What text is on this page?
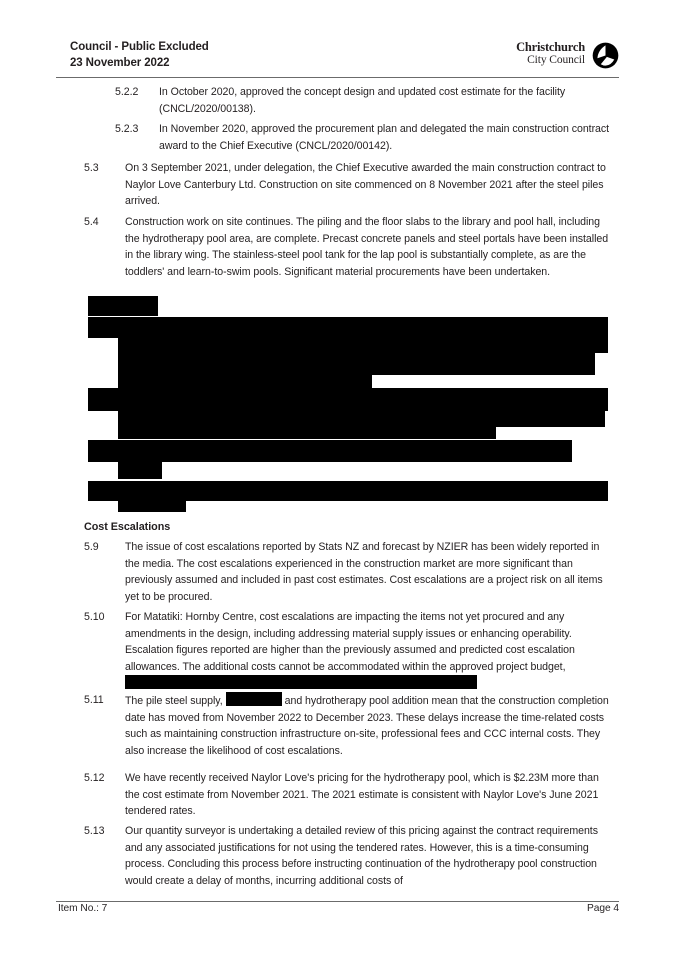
Council - Public Excluded
23 November 2022
Christchurch
City Council
5.2.2 In October 2020, approved the concept design and updated cost estimate for the facility (CNCL/2020/00138).
5.2.3 In November 2020, approved the procurement plan and delegated the main construction contract award to the Chief Executive (CNCL/2020/00142).
5.3 On 3 September 2021, under delegation, the Chief Executive awarded the main construction contract to Naylor Love Canterbury Ltd. Construction on site commenced on 8 November 2021 after the steel piles arrived.
5.4 Construction work on site continues. The piling and the floor slabs to the library and pool hall, including the hydrotherapy pool area, are complete. Precast concrete panels and steel portals have been installed in the library wing. The stainless-steel pool tank for the lap pool is substantially complete, as are the toddlers' and learn-to-swim pools. Significant material procurements have been undertaken.
Cost Escalations
5.9 The issue of cost escalations reported by Stats NZ and forecast by NZIER has been widely reported in the media. The cost escalations experienced in the construction market are more significant than previously assumed and included in past cost estimates. Cost escalations are a project risk on all items yet to be procured.
5.10 For Matatiki: Hornby Centre, cost escalations are impacting the items not yet procured and any amendments in the design, including addressing material supply issues or enhancing operability. Escalation figures reported are higher than the previously assumed and predicted cost escalation allowances. The additional costs cannot be accommodated within the approved project budget,
5.11 The pile steel supply,	and hydrotherapy pool addition mean that the construction completion date has moved from November 2022 to December 2023. These delays increase the time-related costs such as maintaining construction infrastructure on-site, professional fees and CCC internal costs. They also increase the likelihood of cost escalations.
5.12 We have recently received Naylor Love's pricing for the hydrotherapy pool, which is $2.23M more than the cost estimate from November 2021. The 2021 estimate is consistent with Naylor Love's June 2021 tendered rates.
5.13 Our quantity surveyor is undertaking a detailed review of this pricing against the contract requirements and any associated justifications for not using the tendered rates. However, this is a time-consuming process. Concluding this process before instructing continuation of the hydrotherapy pool construction would create a delay of months, incurring additional costs of
Item No.: 7	Page 4
